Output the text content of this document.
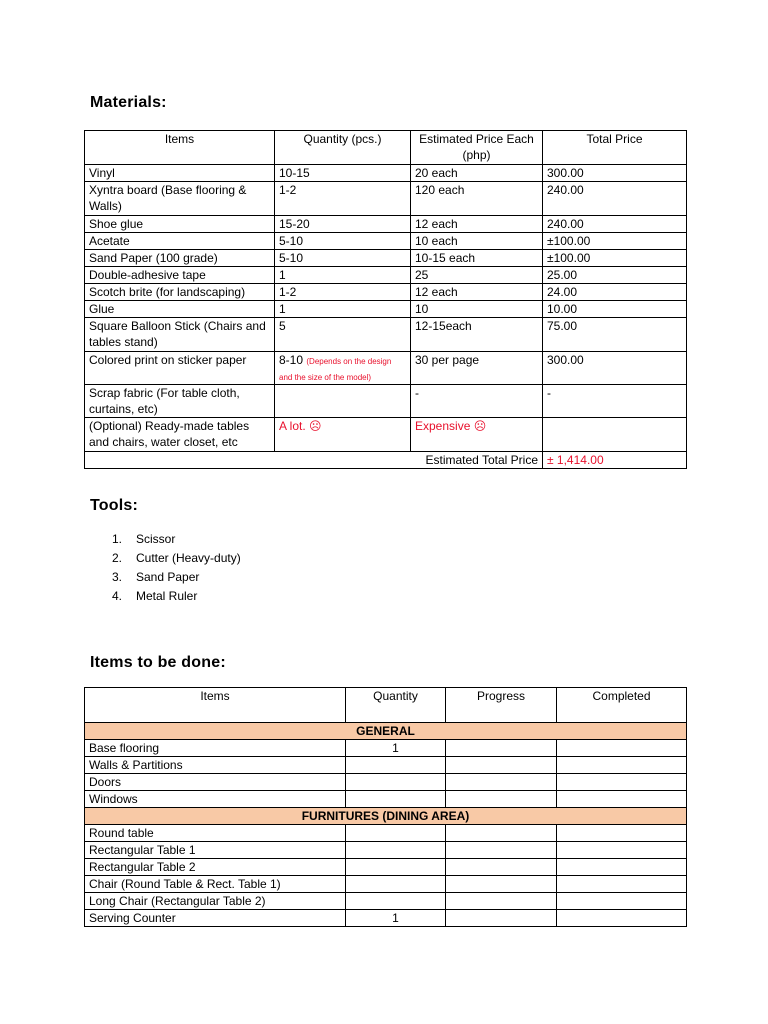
Materials:
Items	Quantity (pcs.)	Estimated Price Each (php)	Total Price
Vinyl	10-15	20 each	300.00
Xyntra board (Base flooring & Walls)	1-2	120 each	240.00
Shoe glue	15-20	12 each	240.00
Acetate	5-10	10 each	±100.00
Sand Paper (100 grade)	5-10	10-15 each	±100.00
Double-adhesive tape	1	25	25.00
Scotch brite (for landscaping)	1-2	12 each	24.00
Glue	1	10	10.00
Square Balloon Stick (Chairs and tables stand)	5	12-15each	75.00
Colored print on sticker paper	8-10 (Depends on the design and the size of the model)	30 per page	300.00
Scrap fabric (For table cloth, curtains, etc)		-	-
(Optional) Ready-made tables and chairs, water closet, etc	A lot. ☹	Expensive ☹	
Estimated Total Price			± 1,414.00
Tools:
1. Scissor
2. Cutter (Heavy-duty)
3. Sand Paper
4. Metal Ruler
Items to be done:
Items	Quantity	Progress	Completed
GENERAL			
Base flooring	1		
Walls & Partitions			
Doors			
Windows			
FURNITURES (DINING AREA)			
Round table			
Rectangular Table 1			
Rectangular Table 2			
Chair (Round Table & Rect. Table 1)			
Long Chair (Rectangular Table 2)			
Serving Counter	1		
